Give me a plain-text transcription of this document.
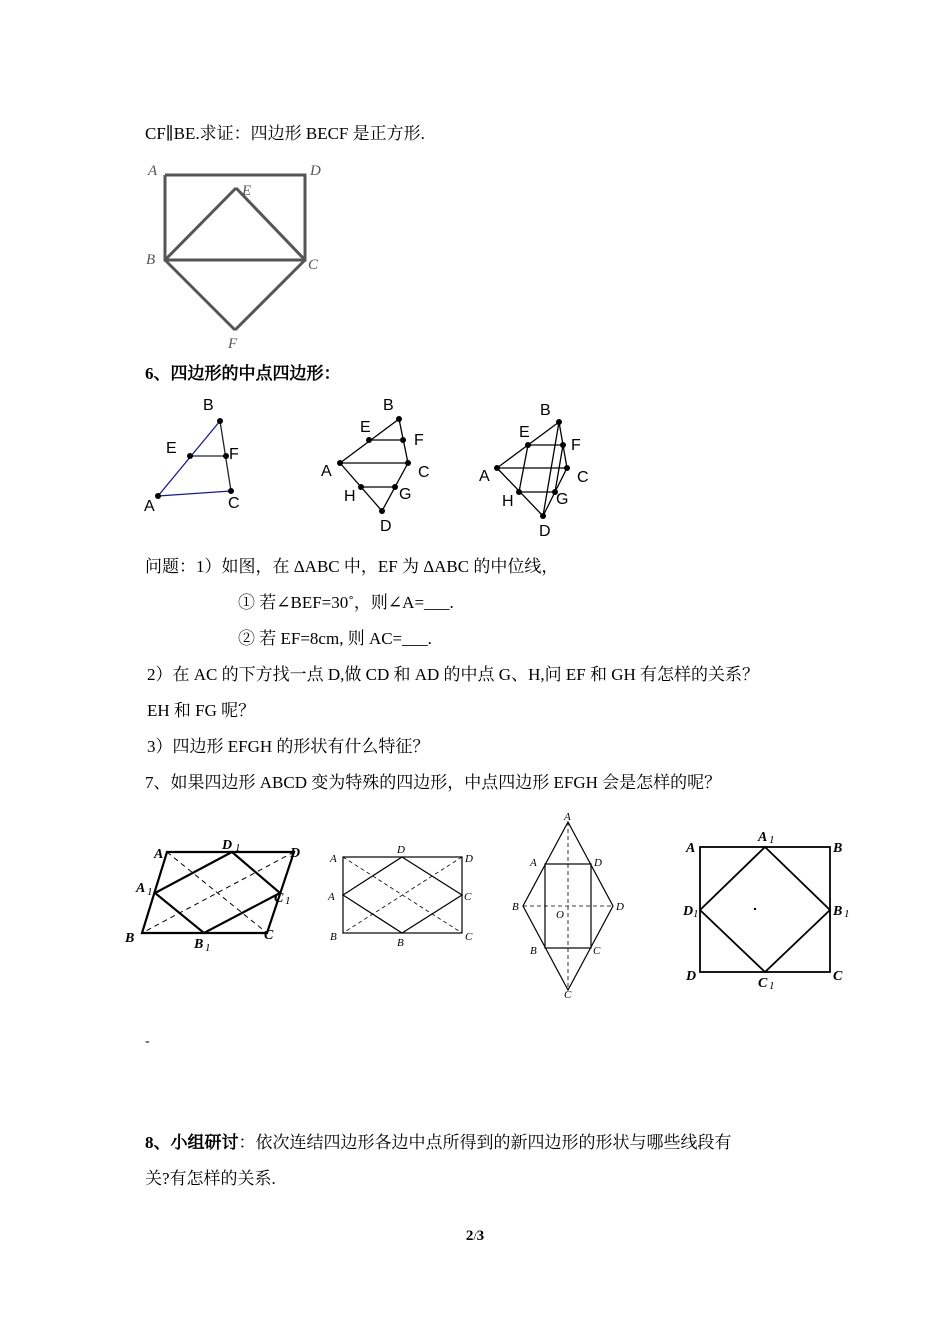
CF∥BE.求证：四边形 BECF 是正方形.
A	D
E
B	C
F
6、四边形的中点四边形：
B
E	F
A	C
B
E
F
A	C
H	G
D
B
E
F
A	C
H	G
D
问题：1）如图，在 ΔABC 中，EF 为 ΔABC 的中位线，
① 若∠BEF=30˚，则∠A=___.
② 若 EF=8cm, 则 AC=___.
2）在 AC 的下方找一点 D,做 CD 和 AD 的中点 G、H,问 EF 和 GH 有怎样的关系？
EH 和 FG 呢？
3）四边形 EFGH 的形状有什么特征？
7、如果四边形 ABCD 变为特殊的四边形，中点四边形 EFGH 会是怎样的呢？
A
D 1	D
A 1	C 1
B	B 1
C
A
D
D
A	C
B	B	C
A
A	D
B
O
D
B	C
C
A
A 1
B
D 1	B 1
D	C 1
C
-
8、小组研讨：依次连结四边形各边中点所得到的新四边形的形状与哪些线段有
关?有怎样的关系.
2/3
